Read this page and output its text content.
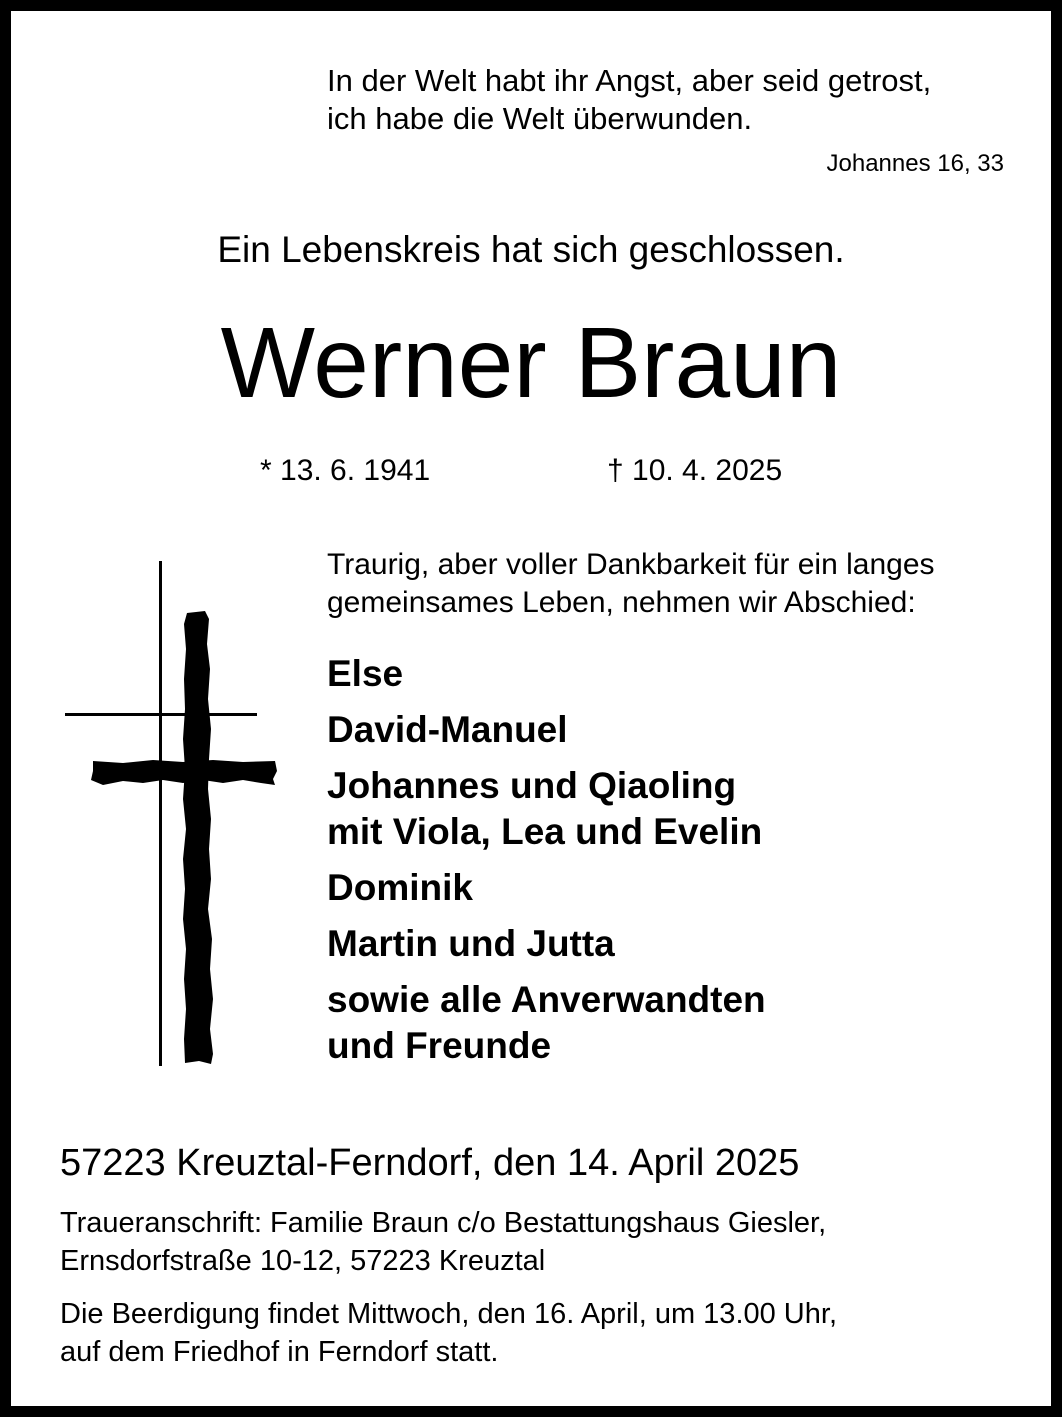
In der Welt habt ihr Angst, aber seid getrost,
ich habe die Welt überwunden.
Johannes 16, 33
Ein Lebenskreis hat sich geschlossen.
Werner Braun
* 13. 6. 1941	† 10. 4. 2025
Traurig, aber voller Dankbarkeit für ein langes
gemeinsames Leben, nehmen wir Abschied:
Else
David-Manuel
Johannes und Qiaoling
mit Viola, Lea und Evelin
Dominik
Martin und Jutta
sowie alle Anverwandten
und Freunde
57223 Kreuztal-Ferndorf, den 14. April 2025
Traueranschrift: Familie Braun c/o Bestattungshaus Giesler,
Ernsdorfstraße 10-12, 57223 Kreuztal
Die Beerdigung findet Mittwoch, den 16. April, um 13.00 Uhr,
auf dem Friedhof in Ferndorf statt.
